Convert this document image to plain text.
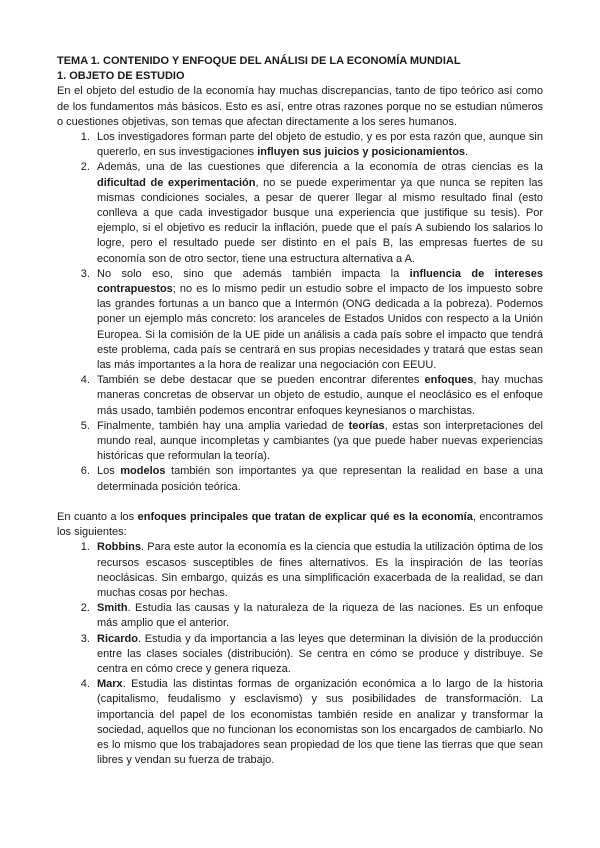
TEMA 1. CONTENIDO Y ENFOQUE DEL ANÁLISI DE LA ECONOMÍA MUNDIAL

1. OBJETO DE ESTUDIO

En el objeto del estudio de la economía hay muchas discrepancias, tanto de tipo teórico así como de los fundamentos más básicos. Esto es así, entre otras razones porque no se estudian números o cuestiones objetivas, son temas que afectan directamente a los seres humanos.

1. Los investigadores forman parte del objeto de estudio, y es por esta razón que, aunque sin quererlo, en sus investigaciones influyen sus juicios y posicionamientos.
2. Además, una de las cuestiones que diferencia a la economía de otras ciencias es la dificultad de experimentación, no se puede experimentar ya que nunca se repiten las mismas condiciones sociales, a pesar de querer llegar al mismo resultado final (esto conlleva a que cada investigador busque una experiencia que justifique su tesis). Por ejemplo, si el objetivo es reducir la inflación, puede que el país A subiendo los salarios lo logre, pero el resultado puede ser distinto en el país B, las empresas fuertes de su economía son de otro sector, tiene una estructura alternativa a A.
3. No solo eso, sino que además también impacta la influencia de intereses contrapuestos; no es lo mismo pedir un estudio sobre el impacto de los impuesto sobre las grandes fortunas a un banco que a Intermón (ONG dedicada a la pobreza). Podemos poner un ejemplo más concreto: los aranceles de Estados Unidos con respecto a la Unión Europea. Si la comisión de la UE pide un análisis a cada país sobre el impacto que tendrá este problema, cada país se centrará en sus propias necesidades y tratará que estas sean las más importantes a la hora de realizar una negociación con EEUU.
4. También se debe destacar que se pueden encontrar diferentes enfoques, hay muchas maneras concretas de observar un objeto de estudio, aunque el neoclásico es el enfoque más usado, también podemos encontrar enfoques keynesianos o marchistas.
5. Finalmente, también hay una amplia variedad de teorías, estas son interpretaciones del mundo real, aunque incompletas y cambiantes (ya que puede haber nuevas experiencias históricas que reformulan la teoría).
6. Los modelos también son importantes ya que representan la realidad en base a una determinada posición teórica.

En cuanto a los enfoques principales que tratan de explicar qué es la economía, encontramos los siguientes:

1. Robbins. Para este autor la economía es la ciencia que estudia la utilización óptima de los recursos escasos susceptibles de fines alternativos. Es la inspiración de las teorías neoclásicas. Sin embargo, quizás es una simplificación exacerbada de la realidad, se dan muchas cosas por hechas.
2. Smith. Estudia las causas y la naturaleza de la riqueza de las naciones. Es un enfoque más amplio que el anterior.
3. Ricardo. Estudia y da importancia a las leyes que determinan la división de la producción entre las clases sociales (distribución). Se centra en cómo se produce y distribuye. Se centra en cómo crece y genera riqueza.
4. Marx. Estudia las distintas formas de organización económica a lo largo de la historia (capitalismo, feudalismo y esclavismo) y sus posibilidades de transformación. La importancia del papel de los economistas también reside en analizar y transformar la sociedad, aquellos que no funcionan los economistas son los encargados de cambiarlo. No es lo mismo que los trabajadores sean propiedad de los que tiene las tierras que que sean libres y vendan su fuerza de trabajo.
